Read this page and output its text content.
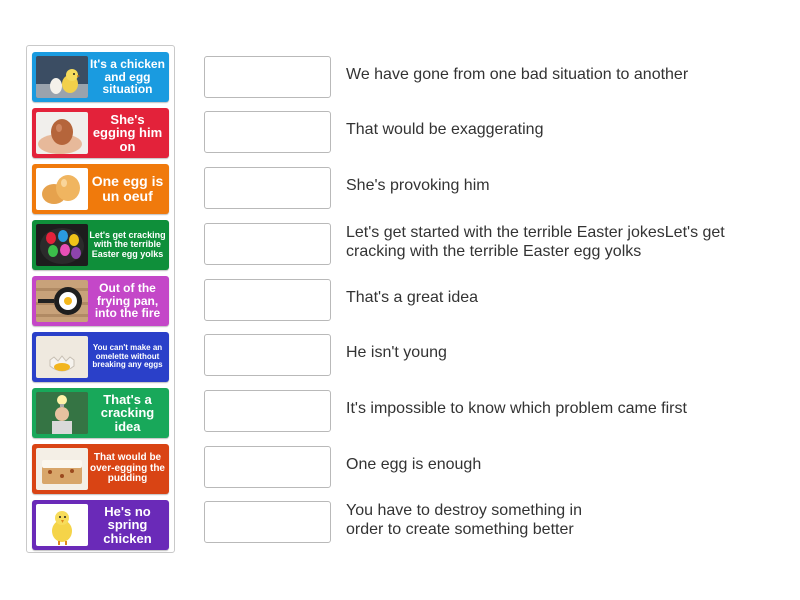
It's a chicken and egg situation
She's egging him on
One egg is un oeuf
Let's get cracking with the terrible Easter egg yolks
Out of the frying pan, into the fire
You can't make an omelette without breaking any eggs
That's a cracking idea
That would be over-egging the pudding
He's no spring chicken
We have gone from one bad situation to another
That would be exaggerating
She's provoking him
Let's get started with the terrible Easter jokesLet's get cracking with the terrible Easter egg yolks
That's a great idea
He isn't young
It's impossible to know which problem came first
One egg is enough
You have to destroy something in order to create something better
